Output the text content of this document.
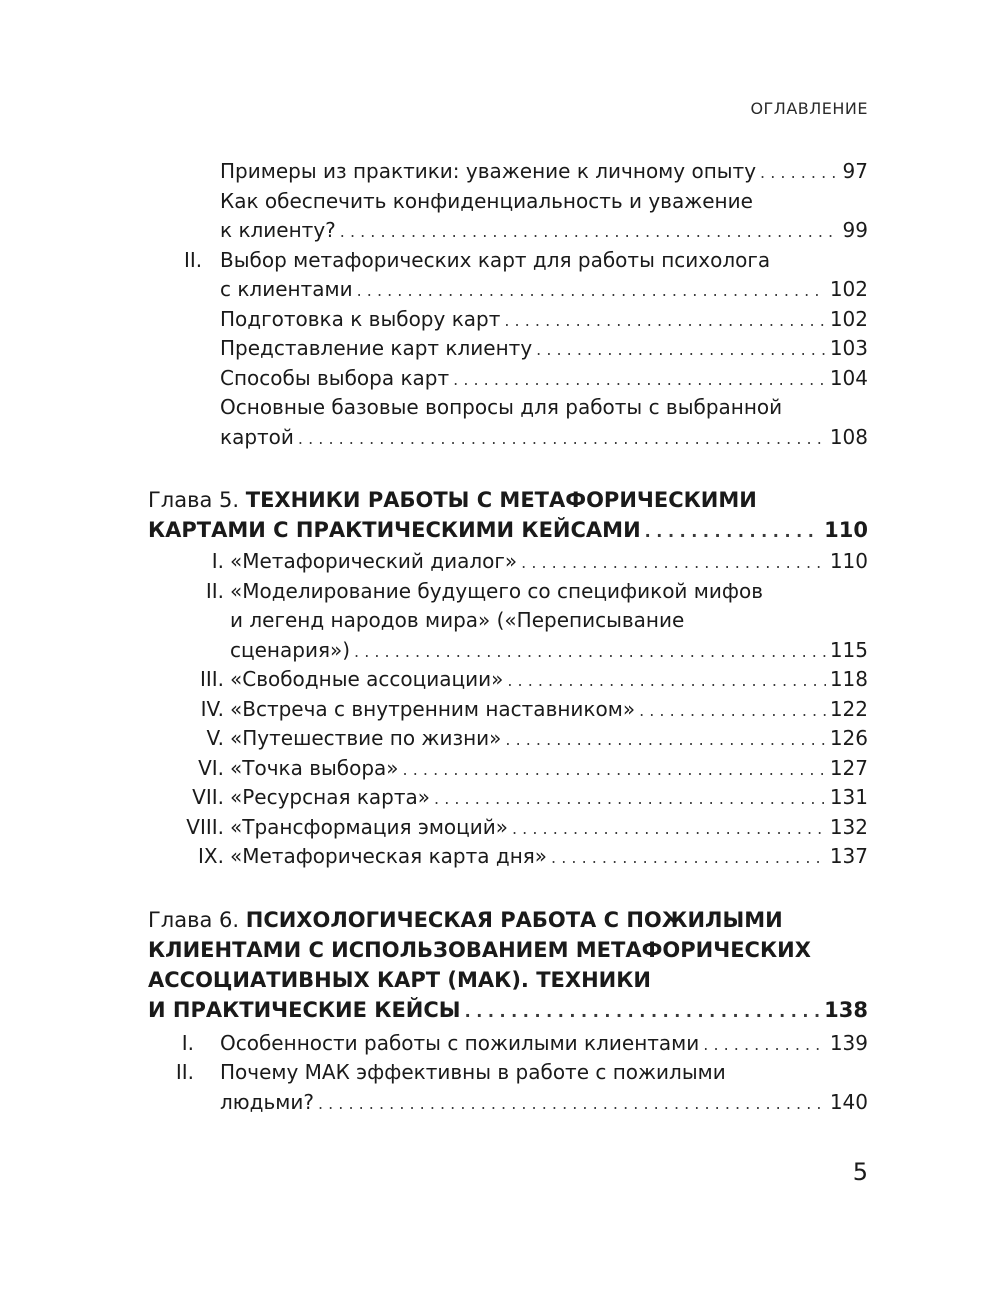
ОГЛАВЛЕНИЕ
Примеры из практики: уважение к личному опыту . . .	97
Как обеспечить конфиденциальность и уважение
к клиенту? . . .	99
II. Выбор метафорических карт для работы психолога
с клиентами . . .	102
Подготовка к выбору карт . . .	102
Представление карт клиенту . . .	103
Способы выбора карт . . .	104
Основные базовые вопросы для работы с выбранной
картой . . .	108
Глава 5. ТЕХНИКИ РАБОТЫ С МЕТАФОРИЧЕСКИМИ
КАРТАМИ С ПРАКТИЧЕСКИМИ КЕЙСАМИ . . .	110
I. «Метафорический диалог» . . .	110
II. «Моделирование будущего со спецификой мифов
и легенд народов мира» («Переписывание
сценария») . . .	115
III. «Свободные ассоциации» . . .	118
IV. «Встреча с внутренним наставником» . . .	122
V. «Путешествие по жизни» . . .	126
VI. «Точка выбора» . . .	127
VII. «Ресурсная карта» . . .	131
VIII. «Трансформация эмоций» . . .	132
IX. «Метафорическая карта дня» . . .	137
Глава 6. ПСИХОЛОГИЧЕСКАЯ РАБОТА С ПОЖИЛЫМИ
КЛИЕНТАМИ С ИСПОЛЬЗОВАНИЕМ МЕТАФОРИЧЕСКИХ
АССОЦИАТИВНЫХ КАРТ (МАК). ТЕХНИКИ
И ПРАКТИЧЕСКИЕ КЕЙСЫ . . .	138
I. Особенности работы с пожилыми клиентами . . .	139
II. Почему МАК эффективны в работе с пожилыми
людьми? . . .	140
5
